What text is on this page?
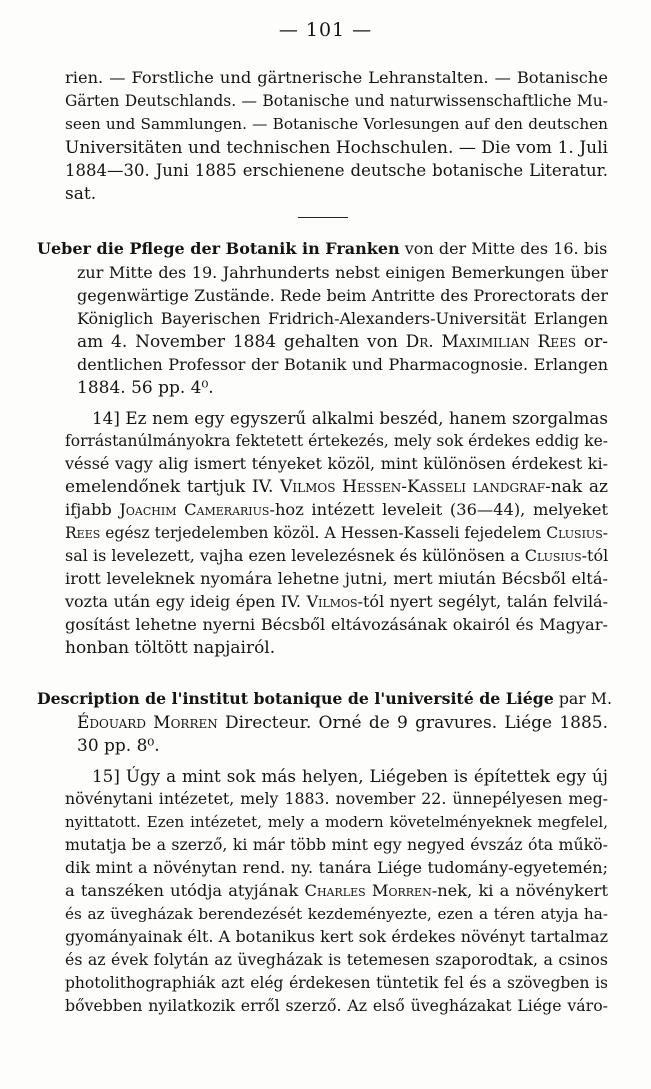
— 101 —
rien. — Forstliche und gärtnerische Lehranstalten. — Botanische
Gärten Deutschlands. — Botanische und naturwissenschaftliche Mu-
seen und Sammlungen. — Botanische Vorlesungen auf den deutschen
Universitäten und technischen Hochschulen. — Die vom 1. Juli
1884—30. Juni 1885 erschienene deutsche botanische Literatur.
sat.
Ueber die Pflege der Botanik in Franken von der Mitte des 16. bis
zur Mitte des 19. Jahrhunderts nebst einigen Bemerkungen über
gegenwärtige Zustände. Rede beim Antritte des Prorectorats der
Königlich Bayerischen Fridrich-Alexanders-Universität Erlangen
am 4. November 1884 gehalten von Dr. Maximilian Rees or-
dentlichen Professor der Botanik und Pharmacognosie. Erlangen
1884. 56 pp. 4⁰.
14] Ez nem egy egyszerű alkalmi beszéd, hanem szorgalmas
forrástanúlmányokra fektetett értekezés, mely sok érdekes eddig ke-
véssé vagy alig ismert tényeket közöl, mint különösen érdekest ki-
emelendőnek tartjuk IV. Vilmos Hessen-Kasseli landgraf-nak az
ifjabb Joachim Camerarius-hoz intézett leveleit (36—44), melyeket
Rees egész terjedelemben közöl. A Hessen-Kasseli fejedelem Clusius-
sal is levelezett, vajha ezen levelezésnek és különösen a Clusius-tól
irott leveleknek nyomára lehetne jutni, mert miután Bécsből eltá-
vozta után egy ideig épen IV. Vilmos-tól nyert segélyt, talán felvilá-
gosítást lehetne nyerni Bécsből eltávozásának okairól és Magyar-
honban töltött napjairól.
Description de l'institut botanique de l'université de Liége par M.
Édouard Morren Directeur. Orné de 9 gravures. Liége 1885.
30 pp. 8⁰.
15] Úgy a mint sok más helyen, Liégeben is építettek egy új
növénytani intézetet, mely 1883. november 22. ünnepélyesen meg-
nyittatott. Ezen intézetet, mely a modern követelményeknek megfelel,
mutatja be a szerző, ki már több mint egy negyed évszáz óta műkö-
dik mint a növénytan rend. ny. tanára Liége tudomány-egyetemén;
a tanszéken utódja atyjának Charles Morren-nek, ki a növénykert
és az üvegházak berendezését kezdeményezte, ezen a téren atyja ha-
gyományainak élt. A botanikus kert sok érdekes növényt tartalmaz
és az évek folytán az üvegházak is tetemesen szaporodtak, a csinos
photolithographiák azt elég érdekesen tüntetik fel és a szövegben is
bővebben nyilatkozik erről szerző. Az első üvegházakat Liége váro-
